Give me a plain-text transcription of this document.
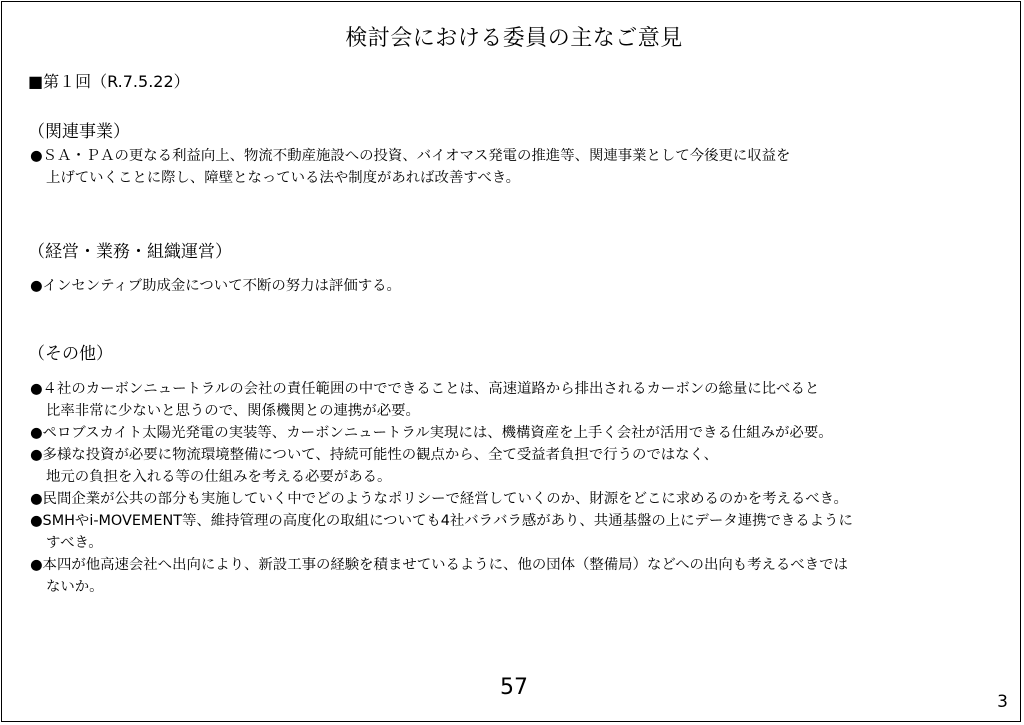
検討会における委員の主なご意見
■第１回（R.7.5.22）
（関連事業）
●ＳＡ・ＰＡの更なる利益向上、物流不動産施設への投資、バイオマス発電の推進等、関連事業として今後更に収益を
上げていくことに際し、障壁となっている法や制度があれば改善すべき。
（経営・業務・組織運営）
●インセンティブ助成金について不断の努力は評価する。
（その他）
●４社のカーボンニュートラルの会社の責任範囲の中でできることは、高速道路から排出されるカーボンの総量に比べると
比率非常に少ないと思うので、関係機関との連携が必要。
●ペロブスカイト太陽光発電の実装等、カーボンニュートラル実現には、機構資産を上手く会社が活用できる仕組みが必要。
●多様な投資が必要に物流環境整備について、持続可能性の観点から、全て受益者負担で行うのではなく、
地元の負担を入れる等の仕組みを考える必要がある。
●民間企業が公共の部分も実施していく中でどのようなポリシーで経営していくのか、財源をどこに求めるのかを考えるべき。
●SMHやi-MOVEMENT等、維持管理の高度化の取組についても4社バラバラ感があり、共通基盤の上にデータ連携できるように
すべき。
●本四が他高速会社へ出向により、新設工事の経験を積ませているように、他の団体（整備局）などへの出向も考えるべきでは
ないか。
57
3
